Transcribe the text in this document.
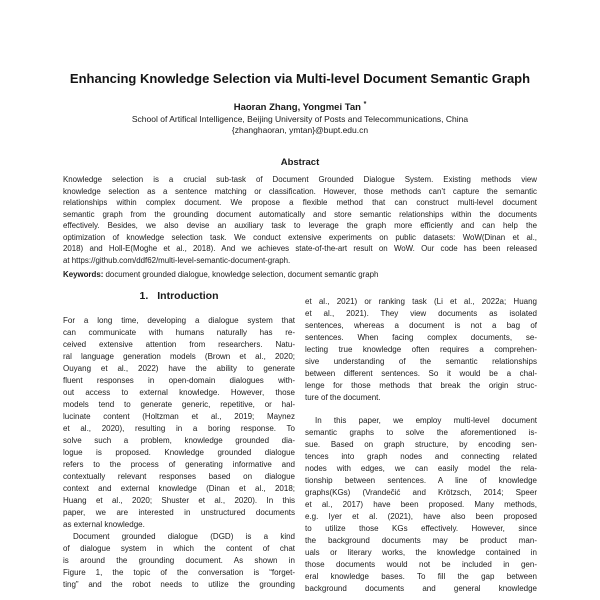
Enhancing Knowledge Selection via Multi-level Document Semantic Graph
Haoran Zhang, Yongmei Tan *
School of Artifical Intelligence, Beijing University of Posts and Telecommunications, China
{zhanghaoran, ymtan}@bupt.edu.cn
Abstract
Knowledge selection is a crucial sub-task of Document Grounded Dialogue System. Existing methods view
knowledge selection as a sentence matching or classification. However, those methods can’t capture the semantic
relationships within complex document. We propose a flexible method that can construct multi-level document
semantic graph from the grounding document automatically and store semantic relationships within the documents
effectively. Besides, we also devise an auxiliary task to leverage the graph more efficiently and can help the
optimization of knowledge selection task. We conduct extensive experiments on public datasets: WoW(Dinan et al.,
2018) and Holl-E(Moghe et al., 2018). And we achieves state-of-the-art result on WoW. Our code has been released
at https://github.com/ddf62/multi-level-semantic-document-graph.
Keywords: document grounded dialogue, knowledge selection, document semantic graph
1. Introduction
For a long time, developing a dialogue system that
can communicate with humans naturally has re-
ceived extensive attention from researchers. Natu-
ral language generation models (Brown et al., 2020;
Ouyang et al., 2022) have the ability to generate
fluent responses in open-domain dialogues with-
out access to external knowledge. However, those
models tend to generate generic, repetitive, or hal-
lucinate content (Holtzman et al., 2019; Maynez
et al., 2020), resulting in a boring response. To
solve such a problem, knowledge grounded dia-
logue is proposed. Knowledge grounded dialogue
refers to the process of generating informative and
contextually relevant responses based on dialogue
context and external knowledge (Dinan et al., 2018;
Huang et al., 2020; Shuster et al., 2020). In this
paper, we are interested in unstructured documents
as external knowledge.
Document grounded dialogue (DGD) is a kind
of dialogue system in which the content of chat
is around the grounding document. As shown in
Figure 1, the topic of the conversation is “forget-
ting” and the robot needs to utilize the grounding
et al., 2021) or ranking task (Li et al., 2022a; Huang
et al., 2021). They view documents as isolated
sentences, whereas a document is not a bag of
sentences. When facing complex documents, se-
lecting true knowledge often requires a comprehen-
sive understanding of the semantic relationships
between different sentences. So it would be a chal-
lenge for those methods that break the origin struc-
ture of the document.
In this paper, we employ multi-level document
semantic graphs to solve the aforementioned is-
sue. Based on graph structure, by encoding sen-
tences into graph nodes and connecting related
nodes with edges, we can easily model the rela-
tionship between sentences. A line of knowledge
graphs(KGs) (Vrandečić and Krötzsch, 2014; Speer
et al., 2017) have been proposed. Many methods,
e.g. Iyer et al. (2021), have also been proposed
to utilize those KGs effectively. However, since
the background documents may be product man-
uals or literary works, the knowledge contained in
those documents would not be included in gen-
eral knowledge bases. To fill the gap between
background documents and general knowledge
